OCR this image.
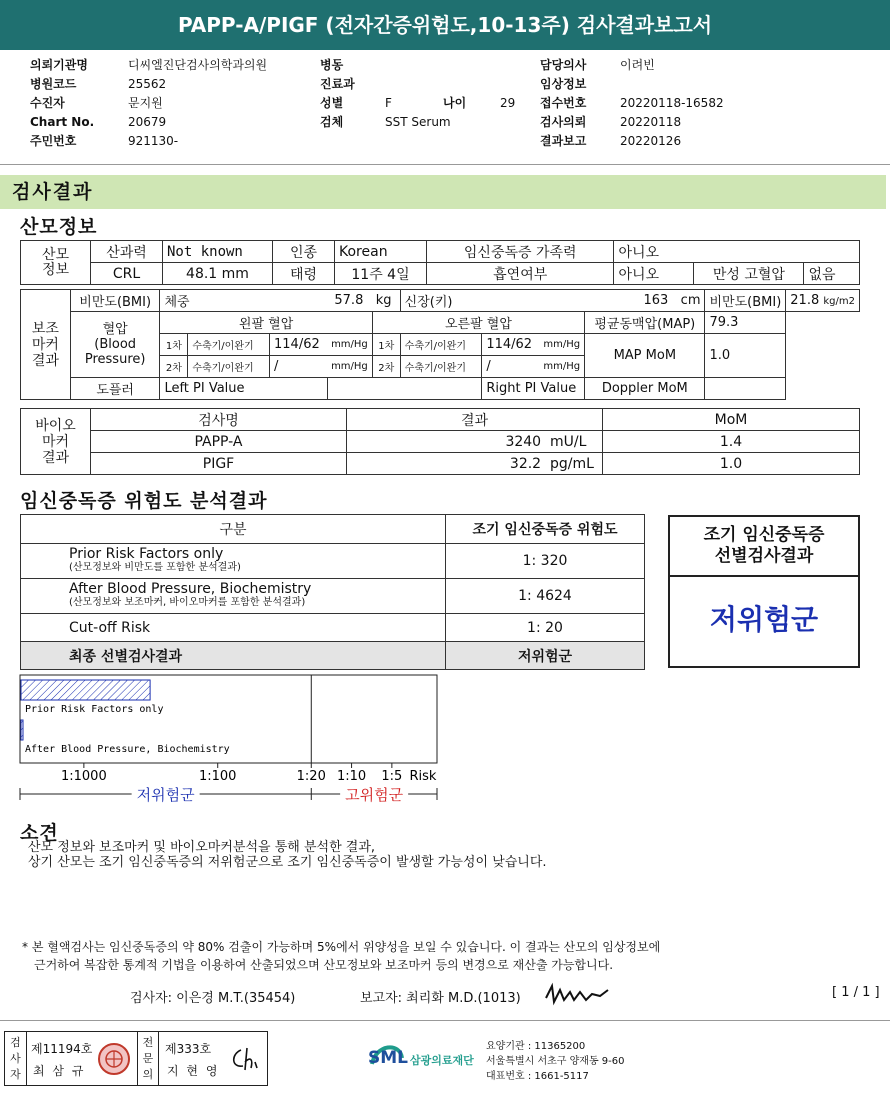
PAPP-A/PIGF (전자간증위험도,10-13주) 검사결과보고서
의뢰기관명	디씨엘진단검사의학과의원
병원코드	25562
수진자	문지원
Chart No.	20679
주민번호	921130-
병동
진료과
성별	F
검체	SST Serum
나이	29
담당의사	이려빈
임상정보
접수번호	20220118-16582
검사의뢰	20220118
결과보고	20220126
검사결과
산모정보
산모
정보	산과력	Not known	인종	Korean	임신중독증 가족력	아니오		
	CRL	48.1 mm	태령	11주 4일	흡연여부	아니오	만성 고혈압	없음
보조
마커
결과	비만도(BMI)	체중		57.8 kg			신장(키)		163 cm		비만도(BMI)	21.8 kg/m2
	혈압
(Blood
Pressure)	왼팔 혈압				오른팔 혈압				평균동맥압(MAP)	79.3	
		1차	수축기/이완기	114/62	mm/Hg	1차	수축기/이완기	114/62	mm/Hg	MAP MoM	1.0	
		2차	수축기/이완기	/	mm/Hg	2차	수축기/이완기	/	mm/Hg			
	도플러	Left PI Value						Right PI Value		Doppler MoM		
바이오
마커
결과	검사명	결과	MoM
	PAPP-A	3240 mU/L	1.4
	PIGF	32.2 pg/mL	1.0
임신중독증 위험도 분석결과
구분	조기 임신중독증 위험도

Prior Risk Factors only
(산모정보와 비만도를 포함한 분석결과)	1: 320

After Blood Pressure, Biochemistry
(산모정보와 보조마커, 바이오마커를 포함한 분석결과)	1: 4624
Cut-off Risk	1: 20
최종 선별검사결과	저위험군
조기 임신중독증
선별검사결과
저위험군
Prior Risk Factors only
After Blood Pressure, Biochemistry
1:1000	1:100	1:20 1:10 1:5 Risk
저위험군	고위험군
소견
산모 정보와 보조마커 및 바이오마커분석을 통해 분석한 결과,
상기 산모는 조기 임신중독증의 저위험군으로 조기 임신중독증이 발생할 가능성이 낮습니다.
* 본 혈액검사는 임신중독증의 약 80% 검출이 가능하며 5%에서 위양성을 보일 수 있습니다. 이 결과는 산모의 임상정보에
근거하여 복잡한 통계적 기법을 이용하여 산출되었으며 산모정보와 보조마커 등의 변경으로 재산출 가능합니다.
검사자: 이은경 M.T.(35454)	보고자: 최리화 M.D.(1013)	[ 1 / 1 ]
검
사
자
제11194호
최 삼 규
전
문
의
제333호
지 현 영
SML 삼광의료재단
요양기관 : 11365200
서울특별시 서초구 양재동 9-60
대표번호 : 1661-5117
